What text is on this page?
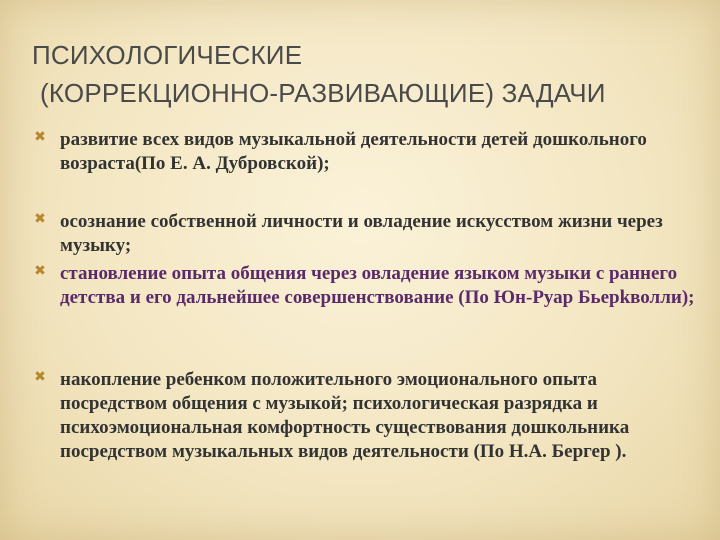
ПСИХОЛОГИЧЕСКИЕ
(КОРРЕКЦИОННО-РАЗВИВАЮЩИЕ) ЗАДАЧИ
✖ развитие всех видов музыкальной деятельности детей дошкольного возраста(По Е. А. Дубровской);
✖ осознание собственной личности и овладение искусством жизни через музыку;
✖ становление опыта общения через овладение языком музыки с раннего детства и его дальнейшее совершенствование (По Юн-Руар Бьерkволли);
✖ накопление ребенком положительного эмоционального опыта посредством общения с музыкой; психологическая разрядка и психоэмоциональная комфортность существования дошкольника посредством музыкальных видов деятельности (По Н.А. Бергер ).
